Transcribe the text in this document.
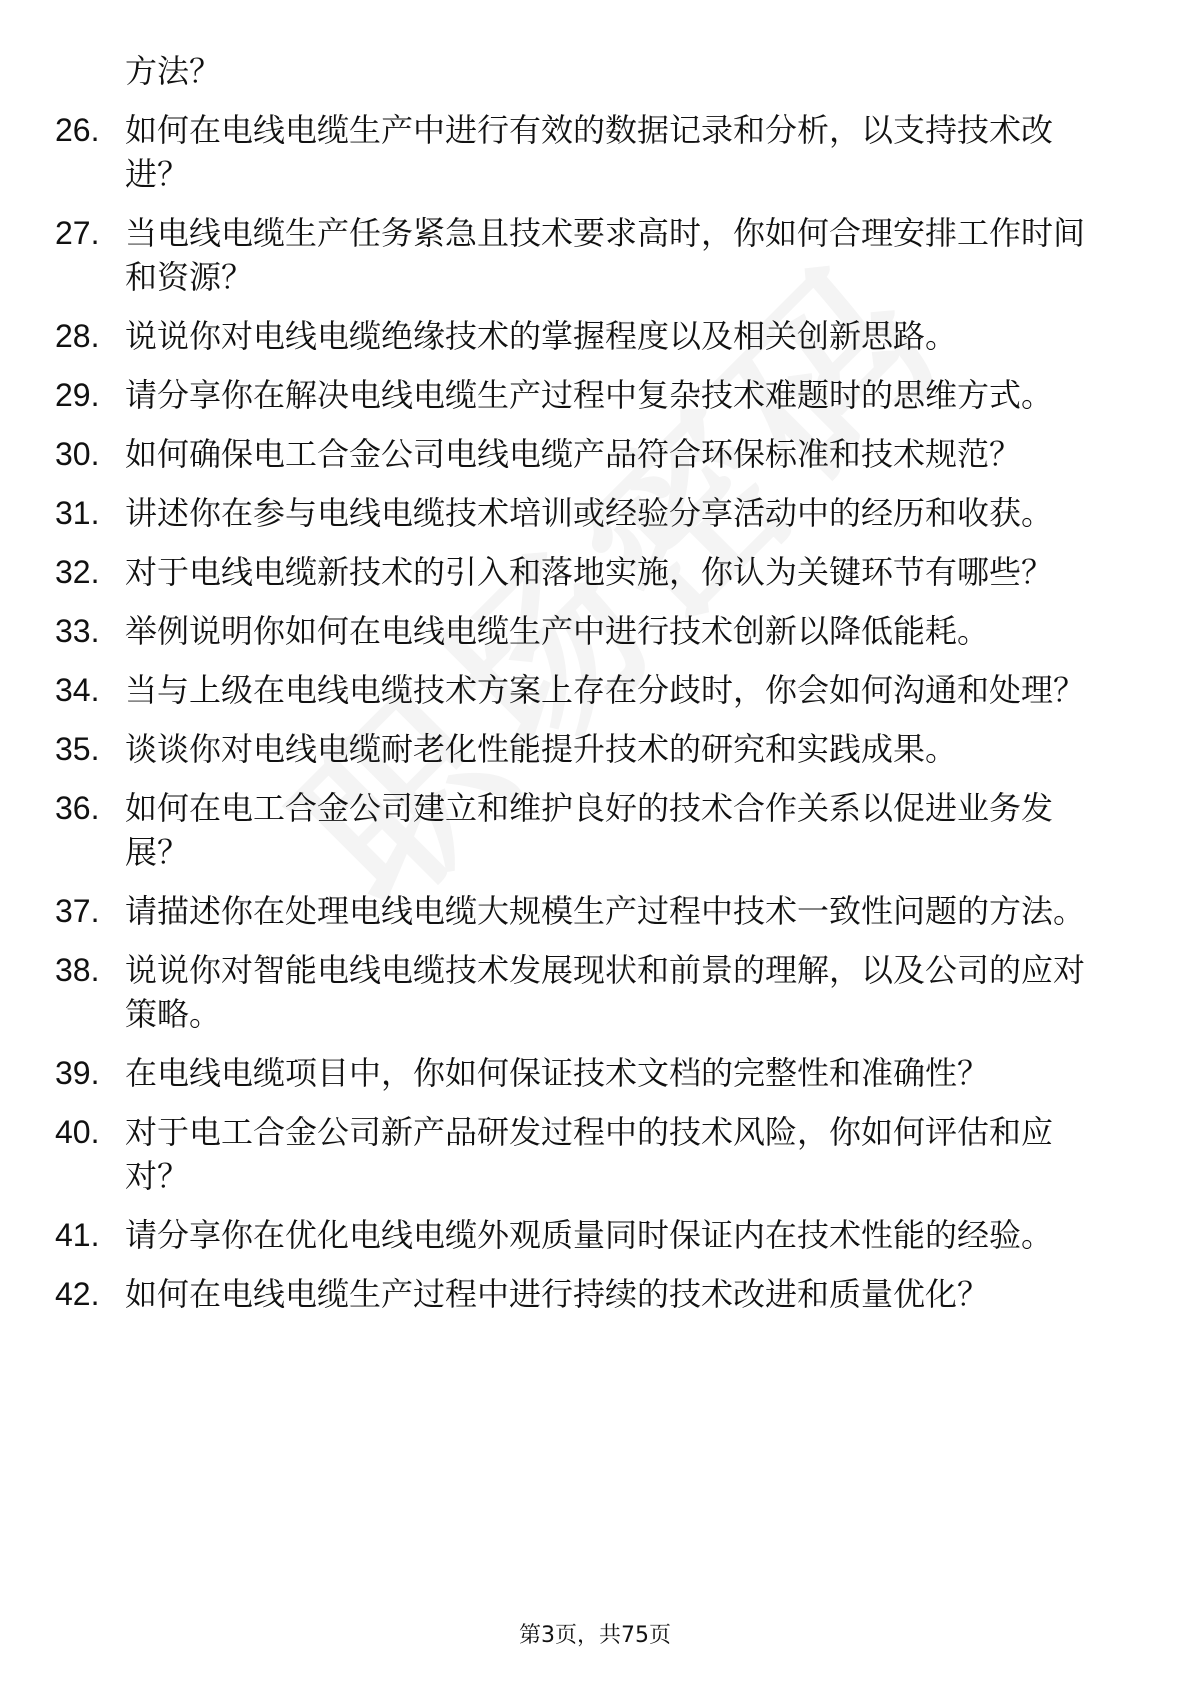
方法？
26. 如何在电线电缆生产中进行有效的数据记录和分析，以支持技术改进？
27. 当电线电缆生产任务紧急且技术要求高时，你如何合理安排工作时间和资源？
28. 说说你对电线电缆绝缘技术的掌握程度以及相关创新思路。
29. 请分享你在解决电线电缆生产过程中复杂技术难题时的思维方式。
30. 如何确保电工合金公司电线电缆产品符合环保标准和技术规范？
31. 讲述你在参与电线电缆技术培训或经验分享活动中的经历和收获。
32. 对于电线电缆新技术的引入和落地实施，你认为关键环节有哪些？
33. 举例说明你如何在电线电缆生产中进行技术创新以降低能耗。
34. 当与上级在电线电缆技术方案上存在分歧时，你会如何沟通和处理？
35. 谈谈你对电线电缆耐老化性能提升技术的研究和实践成果。
36. 如何在电工合金公司建立和维护良好的技术合作关系以促进业务发展？
37. 请描述你在处理电线电缆大规模生产过程中技术一致性问题的方法。
38. 说说你对智能电线电缆技术发展现状和前景的理解，以及公司的应对策略。
39. 在电线电缆项目中，你如何保证技术文档的完整性和准确性？
40. 对于电工合金公司新产品研发过程中的技术风险，你如何评估和应对？
41. 请分享你在优化电线电缆外观质量同时保证内在技术性能的经验。
42. 如何在电线电缆生产过程中进行持续的技术改进和质量优化？
第3页，共75页
